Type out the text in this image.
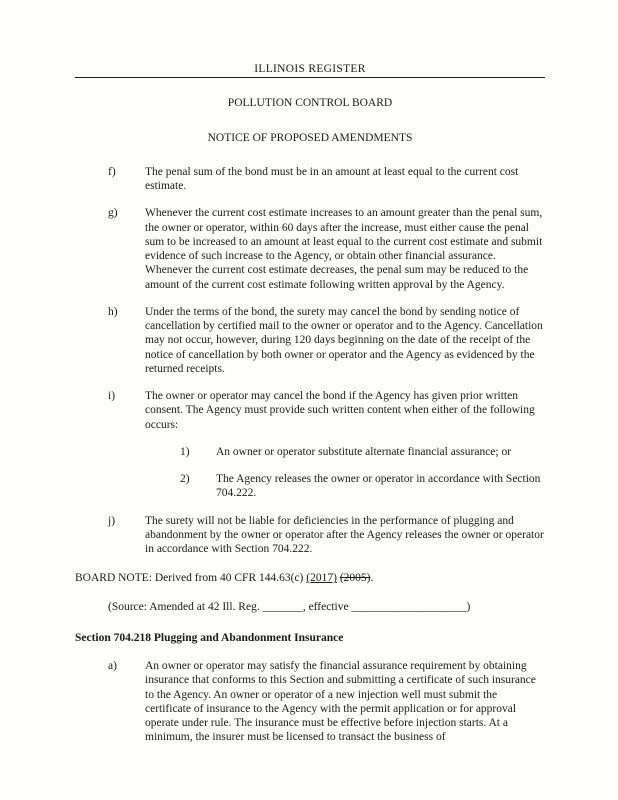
ILLINOIS REGISTER
POLLUTION CONTROL BOARD
NOTICE OF PROPOSED AMENDMENTS
f)	The penal sum of the bond must be in an amount at least equal to the current cost estimate.
g)	Whenever the current cost estimate increases to an amount greater than the penal sum, the owner or operator, within 60 days after the increase, must either cause the penal sum to be increased to an amount at least equal to the current cost estimate and submit evidence of such increase to the Agency, or obtain other financial assurance. Whenever the current cost estimate decreases, the penal sum may be reduced to the amount of the current cost estimate following written approval by the Agency.
h)	Under the terms of the bond, the surety may cancel the bond by sending notice of cancellation by certified mail to the owner or operator and to the Agency. Cancellation may not occur, however, during 120 days beginning on the date of the receipt of the notice of cancellation by both owner or operator and the Agency as evidenced by the returned receipts.
i)	The owner or operator may cancel the bond if the Agency has given prior written consent. The Agency must provide such written content when either of the following occurs:
1)	An owner or operator substitute alternate financial assurance; or
2)	The Agency releases the owner or operator in accordance with Section 704.222.
j)	The surety will not be liable for deficiencies in the performance of plugging and abandonment by the owner or operator after the Agency releases the owner or operator in accordance with Section 704.222.
BOARD NOTE: Derived from 40 CFR 144.63(c) (2017) (2005).
(Source: Amended at 42 Ill. Reg. _______, effective ____________________)
Section 704.218 Plugging and Abandonment Insurance
a)	An owner or operator may satisfy the financial assurance requirement by obtaining insurance that conforms to this Section and submitting a certificate of such insurance to the Agency. An owner or operator of a new injection well must submit the certificate of insurance to the Agency with the permit application or for approval operate under rule. The insurance must be effective before injection starts. At a minimum, the insurer must be licensed to transact the business of
